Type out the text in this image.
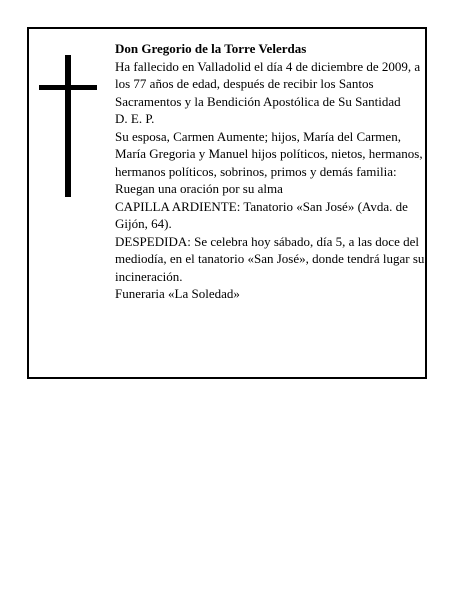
Don Gregorio de la Torre Velerdas

Ha fallecido en Valladolid el día 4 de diciembre de 2009, a los 77 años de edad, después de recibir los Santos Sacramentos y la Bendición Apostólica de Su Santidad

D. E. P.

Su esposa, Carmen Aumente; hijos, María del Carmen, María Gregoria y Manuel hijos políticos, nietos, hermanos, hermanos políticos, sobrinos, primos y demás familia:

Ruegan una oración por su alma

CAPILLA ARDIENTE: Tanatorio «San José» (Avda. de Gijón, 64).

DESPEDIDA: Se celebra hoy sábado, día 5, a las doce del mediodía, en el tanatorio «San José», donde tendrá lugar su incineración.

Funeraria «La Soledad»
